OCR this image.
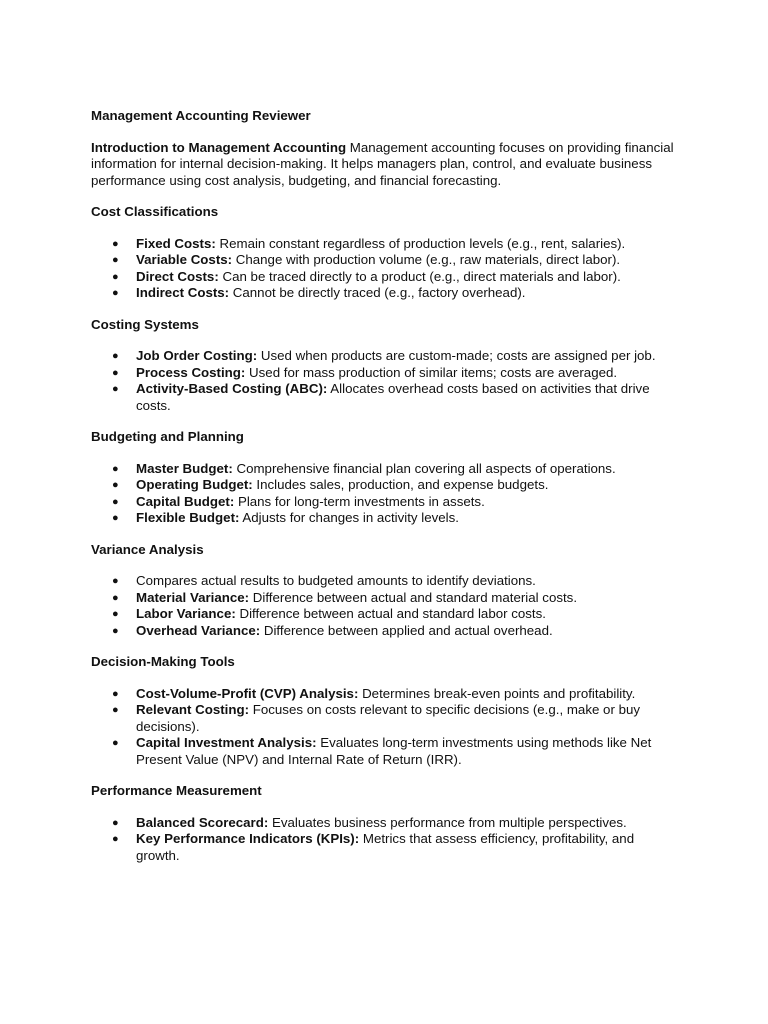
Management Accounting Reviewer

Introduction to Management Accounting Management accounting focuses on providing financial information for internal decision-making. It helps managers plan, control, and evaluate business performance using cost analysis, budgeting, and financial forecasting.

Cost Classifications
● Fixed Costs: Remain constant regardless of production levels (e.g., rent, salaries).
● Variable Costs: Change with production volume (e.g., raw materials, direct labor).
● Direct Costs: Can be traced directly to a product (e.g., direct materials and labor).
● Indirect Costs: Cannot be directly traced (e.g., factory overhead).
Costing Systems
● Job Order Costing: Used when products are custom-made; costs are assigned per job.
● Process Costing: Used for mass production of similar items; costs are averaged.
● Activity-Based Costing (ABC): Allocates overhead costs based on activities that drive costs.
Budgeting and Planning
● Master Budget: Comprehensive financial plan covering all aspects of operations.
● Operating Budget: Includes sales, production, and expense budgets.
● Capital Budget: Plans for long-term investments in assets.
● Flexible Budget: Adjusts for changes in activity levels.
Variance Analysis
● Compares actual results to budgeted amounts to identify deviations.
● Material Variance: Difference between actual and standard material costs.
● Labor Variance: Difference between actual and standard labor costs.
● Overhead Variance: Difference between applied and actual overhead.
Decision-Making Tools
● Cost-Volume-Profit (CVP) Analysis: Determines break-even points and profitability.
● Relevant Costing: Focuses on costs relevant to specific decisions (e.g., make or buy decisions).
● Capital Investment Analysis: Evaluates long-term investments using methods like Net Present Value (NPV) and Internal Rate of Return (IRR).
Performance Measurement
● Balanced Scorecard: Evaluates business performance from multiple perspectives.
● Key Performance Indicators (KPIs): Metrics that assess efficiency, profitability, and growth.
